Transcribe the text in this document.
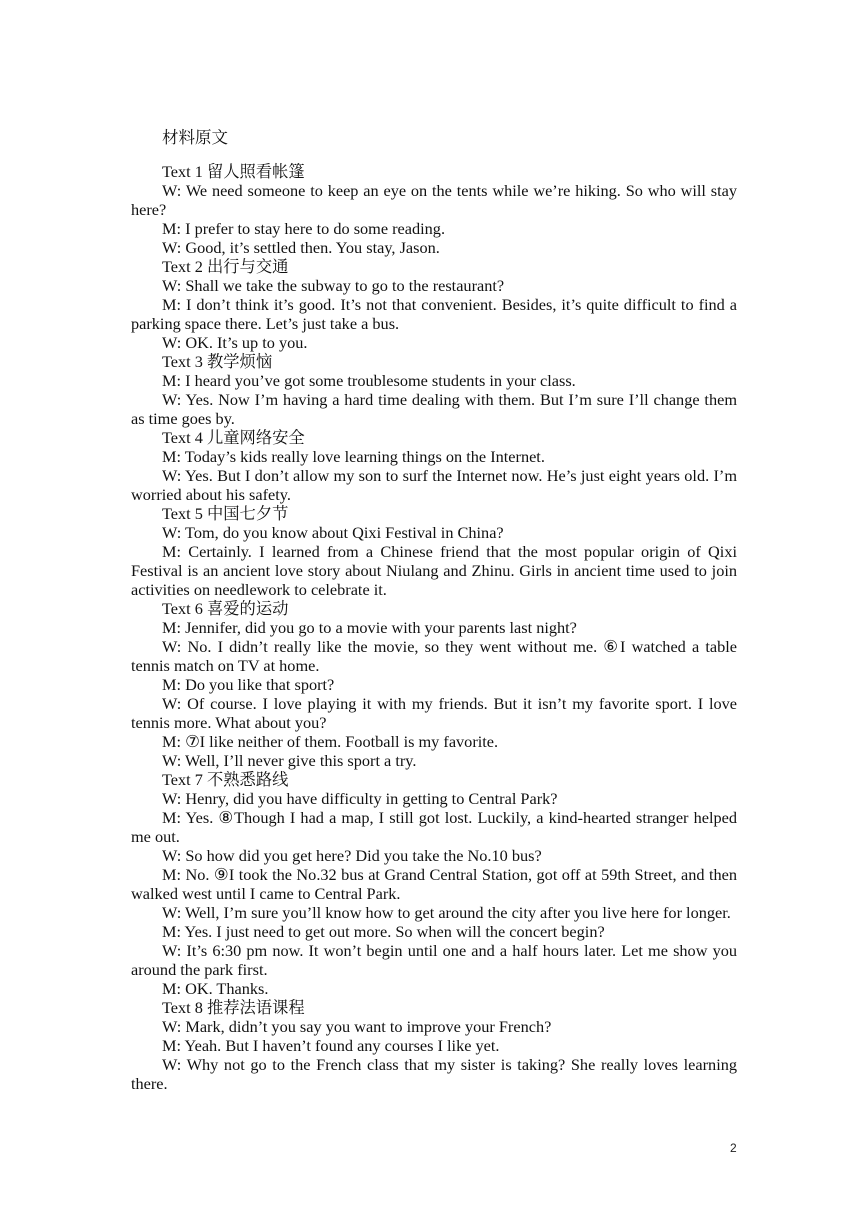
材料原文

Text 1 留人照看帐篷

W: We need someone to keep an eye on the tents while we’re hiking. So who will stay here?

M: I prefer to stay here to do some reading.

W: Good, it’s settled then. You stay, Jason.

Text 2 出行与交通

W: Shall we take the subway to go to the restaurant?

M: I don’t think it’s good. It’s not that convenient. Besides, it’s quite difficult to find a parking space there. Let’s just take a bus.

W: OK. It’s up to you.

Text 3 教学烦恼

M: I heard you’ve got some troublesome students in your class.

W: Yes. Now I’m having a hard time dealing with them. But I’m sure I’ll change them as time goes by.

Text 4 儿童网络安全

M: Today’s kids really love learning things on the Internet.

W: Yes. But I don’t allow my son to surf the Internet now. He’s just eight years old. I’m worried about his safety.

Text 5 中国七夕节

W: Tom, do you know about Qixi Festival in China?

M: Certainly. I learned from a Chinese friend that the most popular origin of Qixi Festival is an ancient love story about Niulang and Zhinu. Girls in ancient time used to join activities on needlework to celebrate it.

Text 6 喜爱的运动

M: Jennifer, did you go to a movie with your parents last night?

W: No. I didn’t really like the movie, so they went without me. ⑥I watched a table tennis match on TV at home.

M: Do you like that sport?

W: Of course. I love playing it with my friends. But it isn’t my favorite sport. I love tennis more. What about you?

M: ⑦I like neither of them. Football is my favorite.

W: Well, I’ll never give this sport a try.

Text 7 不熟悉路线

W: Henry, did you have difficulty in getting to Central Park?

M: Yes. ⑧Though I had a map, I still got lost. Luckily, a kind-hearted stranger helped me out.

W: So how did you get here? Did you take the No.10 bus?

M: No. ⑨I took the No.32 bus at Grand Central Station, got off at 59th Street, and then walked west until I came to Central Park.

W: Well, I’m sure you’ll know how to get around the city after you live here for longer.

M: Yes. I just need to get out more. So when will the concert begin?

W: It’s 6:30 pm now. It won’t begin until one and a half hours later. Let me show you around the park first.

M: OK. Thanks.

Text 8 推荐法语课程

W: Mark, didn’t you say you want to improve your French?

M: Yeah. But I haven’t found any courses I like yet.

W: Why not go to the French class that my sister is taking? She really loves learning there.

2
